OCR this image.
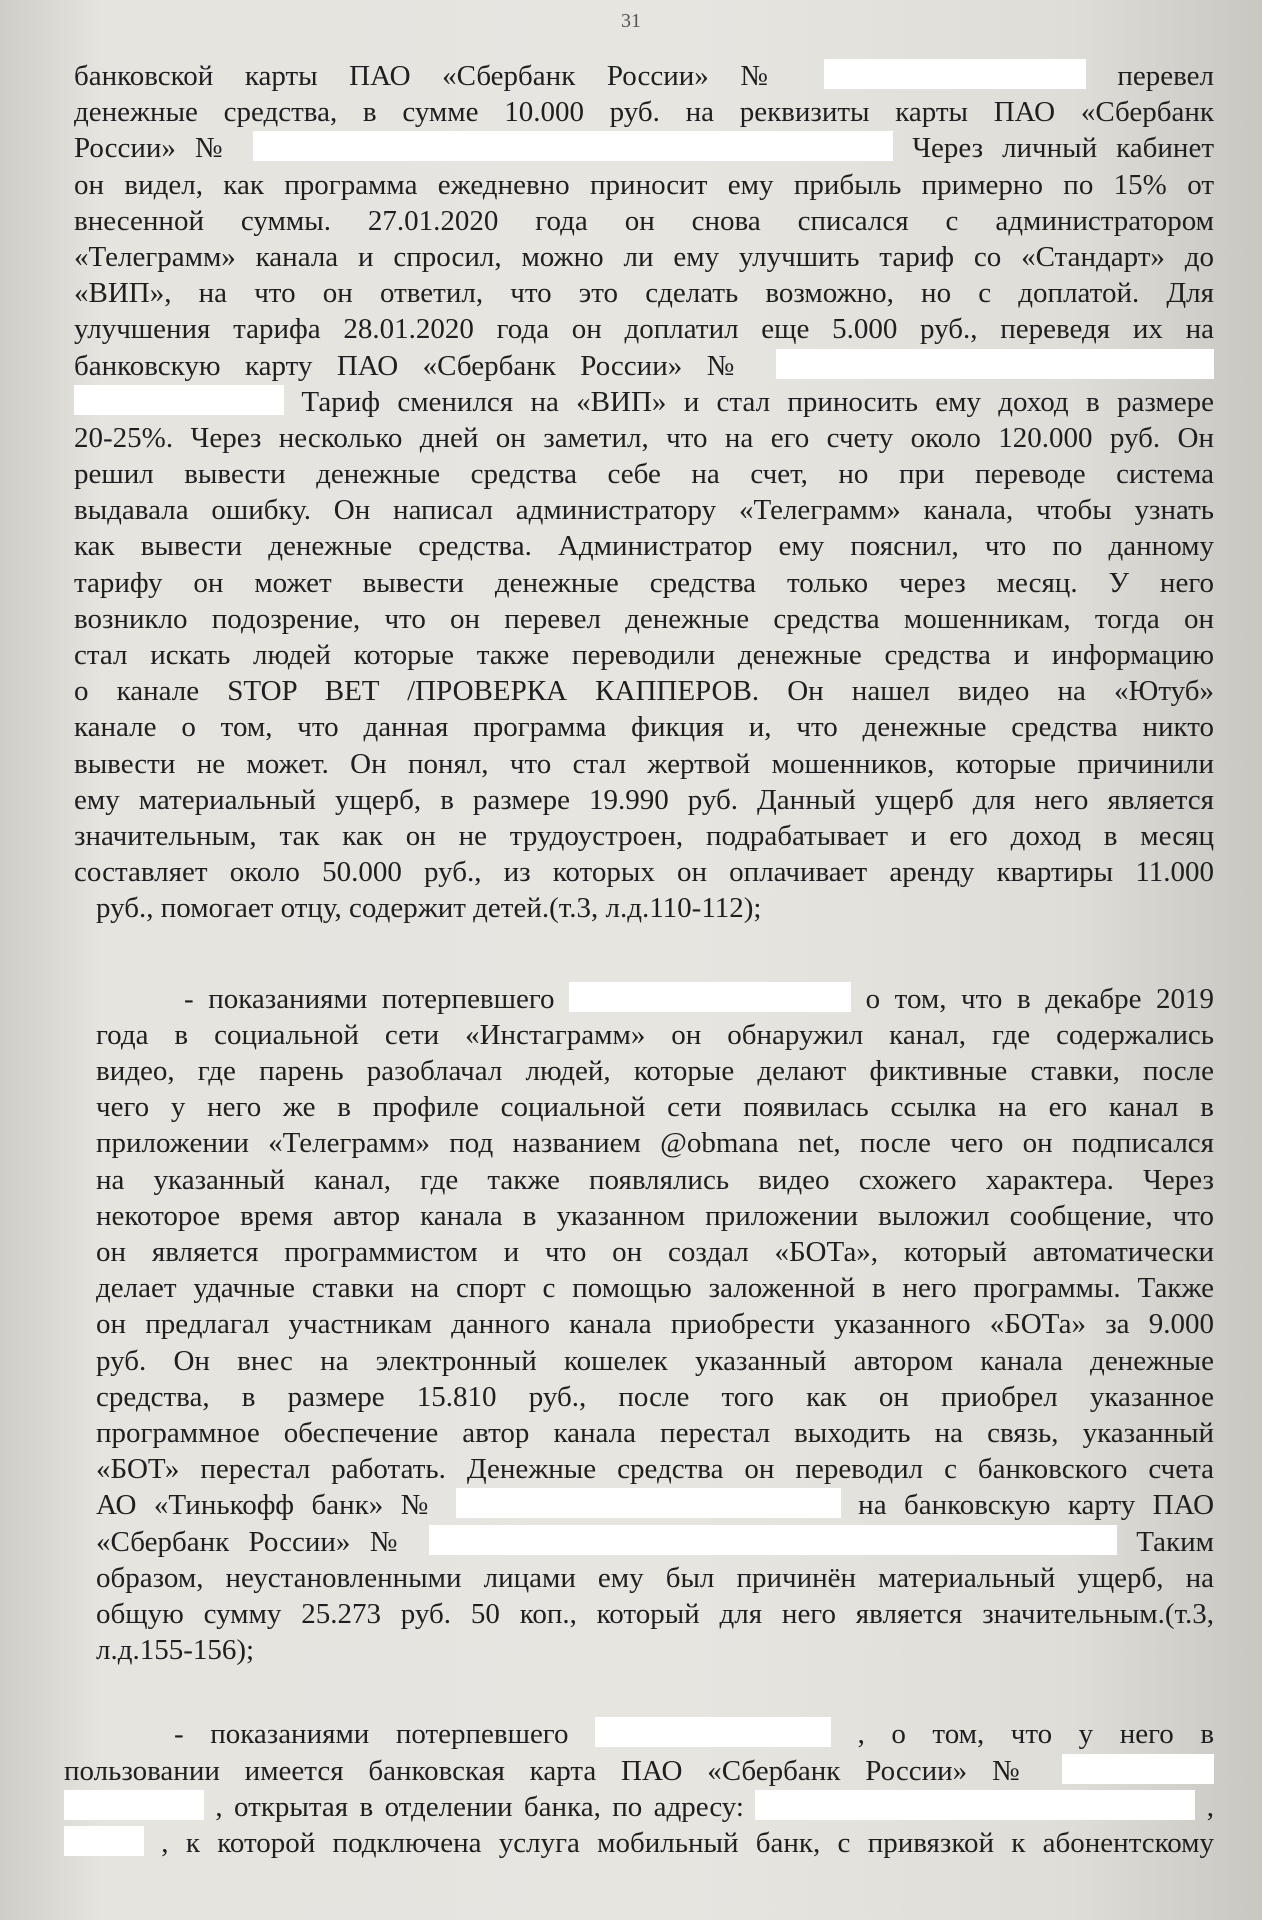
31
банковской карты ПАО «Сбербанк России» №	перевел
денежные средства, в сумме 10.000 руб. на реквизиты карты ПАО «Сбербанк
России» №	Через личный кабинет
он видел, как программа ежедневно приносит ему прибыль примерно по 15% от
внесенной суммы. 27.01.2020 года он снова списался с администратором
«Телеграмм» канала и спросил, можно ли ему улучшить тариф со «Стандарт» до
«ВИП», на что он ответил, что это сделать возможно, но с доплатой. Для
улучшения тарифа 28.01.2020 года он доплатил еще 5.000 руб., переведя их на
банковскую карту ПАО «Сбербанк России» №
Тариф сменился на «ВИП» и стал приносить ему доход в размере
20-25%. Через несколько дней он заметил, что на его счету около 120.000 руб. Он
решил вывести денежные средства себе на счет, но при переводе система
выдавала ошибку. Он написал администратору «Телеграмм» канала, чтобы узнать
как вывести денежные средства. Администратор ему пояснил, что по данному
тарифу он может вывести денежные средства только через месяц. У него
возникло подозрение, что он перевел денежные средства мошенникам, тогда он
стал искать людей которые также переводили денежные средства и информацию
о канале STOP BET /ПРОВЕРКА КАППЕРОВ. Он нашел видео на «Ютуб»
канале о том, что данная программа фикция и, что денежные средства никто
вывести не может. Он понял, что стал жертвой мошенников, которые причинили
ему материальный ущерб, в размере 19.990 руб. Данный ущерб для него является
значительным, так как он не трудоустроен, подрабатывает и его доход в месяц
составляет около 50.000 руб., из которых он оплачивает аренду квартиры 11.000
руб., помогает отцу, содержит детей.(т.3, л.д.110-112);
- показаниями потерпевшего	о том, что в декабре 2019
года в социальной сети «Инстаграмм» он обнаружил канал, где содержались
видео, где парень разоблачал людей, которые делают фиктивные ставки, после
чего у него же в профиле социальной сети появилась ссылка на его канал в
приложении «Телеграмм» под названием @obmana net, после чего он подписался
на указанный канал, где также появлялись видео схожего характера. Через
некоторое время автор канала в указанном приложении выложил сообщение, что
он является программистом и что он создал «БОТа», который автоматически
делает удачные ставки на спорт с помощью заложенной в него программы. Также
он предлагал участникам данного канала приобрести указанного «БОТа» за 9.000
руб. Он внес на электронный кошелек указанный автором канала денежные
средства, в размере 15.810 руб., после того как он приобрел указанное
программное обеспечение автор канала перестал выходить на связь, указанный
«БОТ» перестал работать. Денежные средства он переводил с банковского счета
АО «Тинькофф банк» №	на банковскую карту ПАО
«Сбербанк России» №	Таким
образом, неустановленными лицами ему был причинён материальный ущерб, на
общую сумму 25.273 руб. 50 коп., который для него является значительным.(т.3,
л.д.155-156);
- показаниями потерпевшего	, о том, что у него в
пользовании имеется банковская карта ПАО «Сбербанк России» №
, открытая в отделении банка, по адресу:	,
, к которой подключена услуга мобильный банк, с привязкой к абонентскому
